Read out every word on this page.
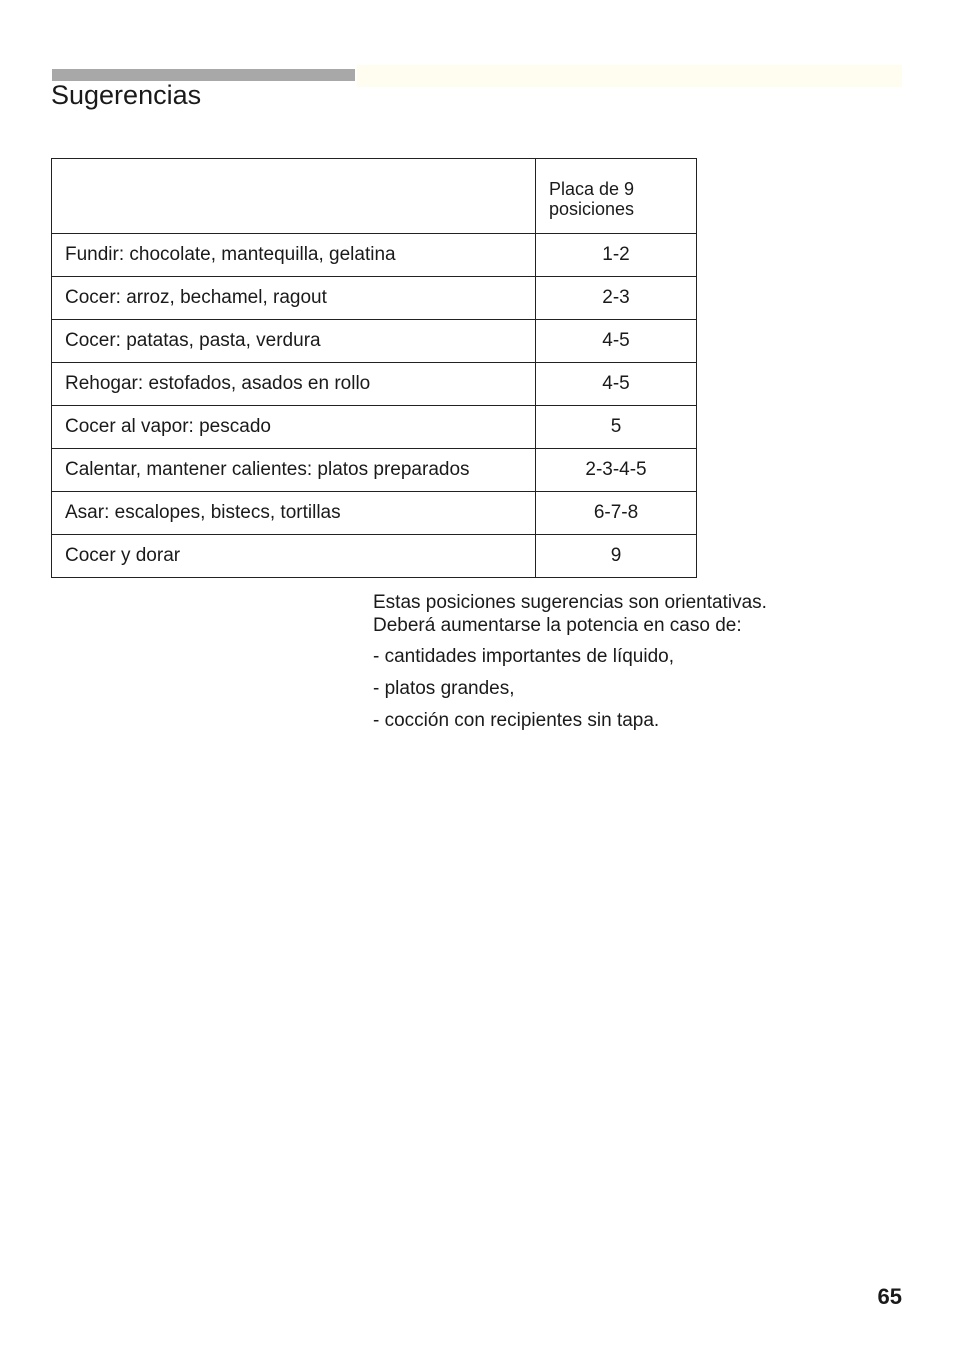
Sugerencias
	Placa de 9 posiciones
Fundir: chocolate, mantequilla, gelatina	1-2
Cocer: arroz, bechamel, ragout	2-3
Cocer: patatas, pasta, verdura	4-5
Rehogar: estofados, asados en rollo	4-5
Cocer al vapor: pescado	5
Calentar, mantener calientes: platos preparados	2-3-4-5
Asar: escalopes, bistecs, tortillas	6-7-8
Cocer y dorar	9

Estas posiciones sugerencias son orientativas.

Deberá aumentarse la potencia en caso de:

- cantidades importantes de líquido,
- platos grandes,
- cocción con recipientes sin tapa.
65
